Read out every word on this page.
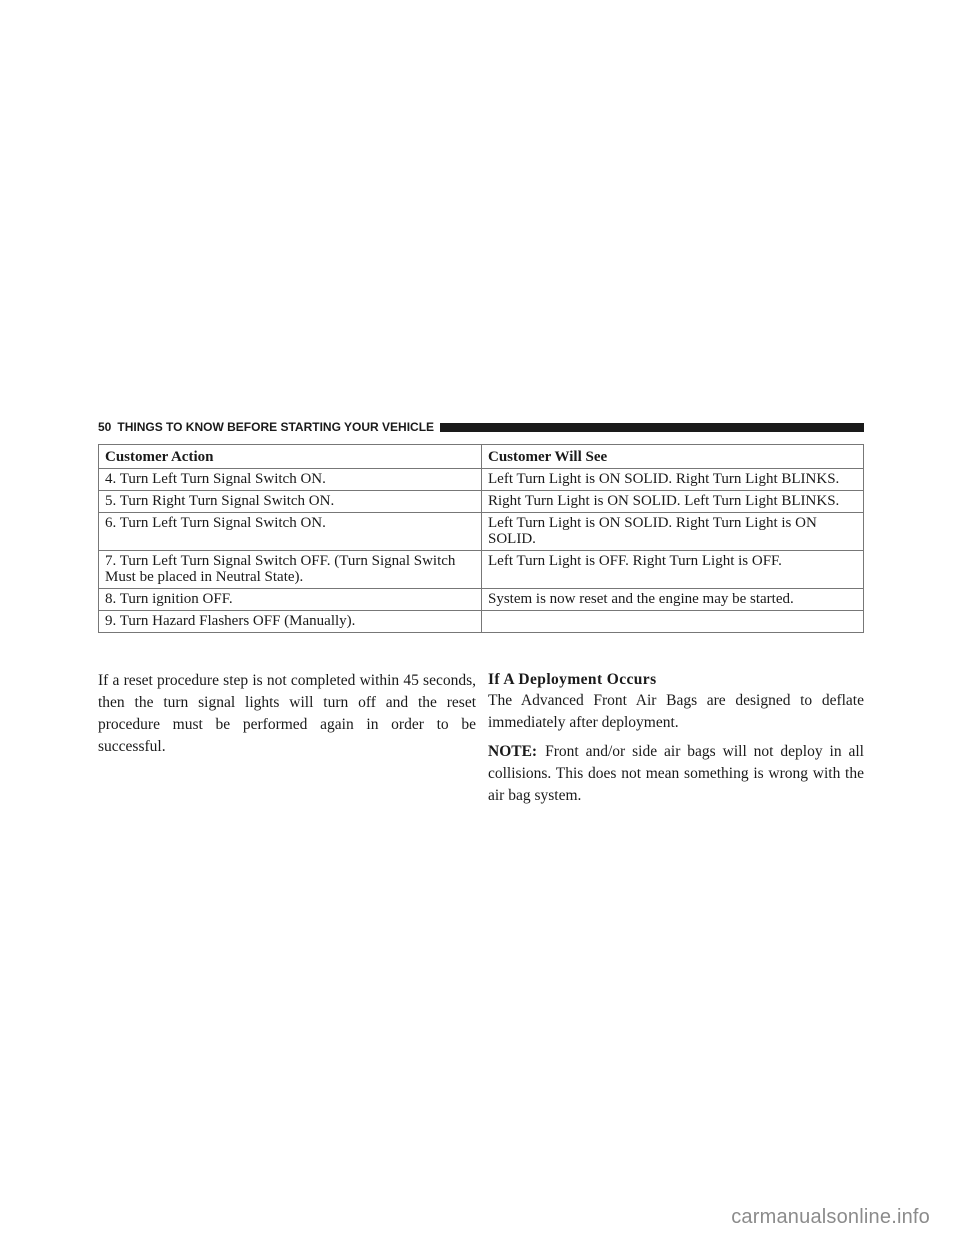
50 THINGS TO KNOW BEFORE STARTING YOUR VEHICLE
Customer Action	Customer Will See
4. Turn Left Turn Signal Switch ON.	Left Turn Light is ON SOLID. Right Turn Light BLINKS.
5. Turn Right Turn Signal Switch ON.	Right Turn Light is ON SOLID. Left Turn Light BLINKS.
6. Turn Left Turn Signal Switch ON.	Left Turn Light is ON SOLID. Right Turn Light is ON SOLID.
7. Turn Left Turn Signal Switch OFF. (Turn Signal Switch Must be placed in Neutral State).	Left Turn Light is OFF. Right Turn Light is OFF.
8. Turn ignition OFF.	System is now reset and the engine may be started.
9. Turn Hazard Flashers OFF (Manually).	

If a reset procedure step is not completed within 45 seconds, then the turn signal lights will turn off and the reset procedure must be performed again in order to be successful.

If A Deployment Occurs

The Advanced Front Air Bags are designed to deflate immediately after deployment.

NOTE: Front and/or side air bags will not deploy in all collisions. This does not mean something is wrong with the air bag system.

carmanualsonline.info
